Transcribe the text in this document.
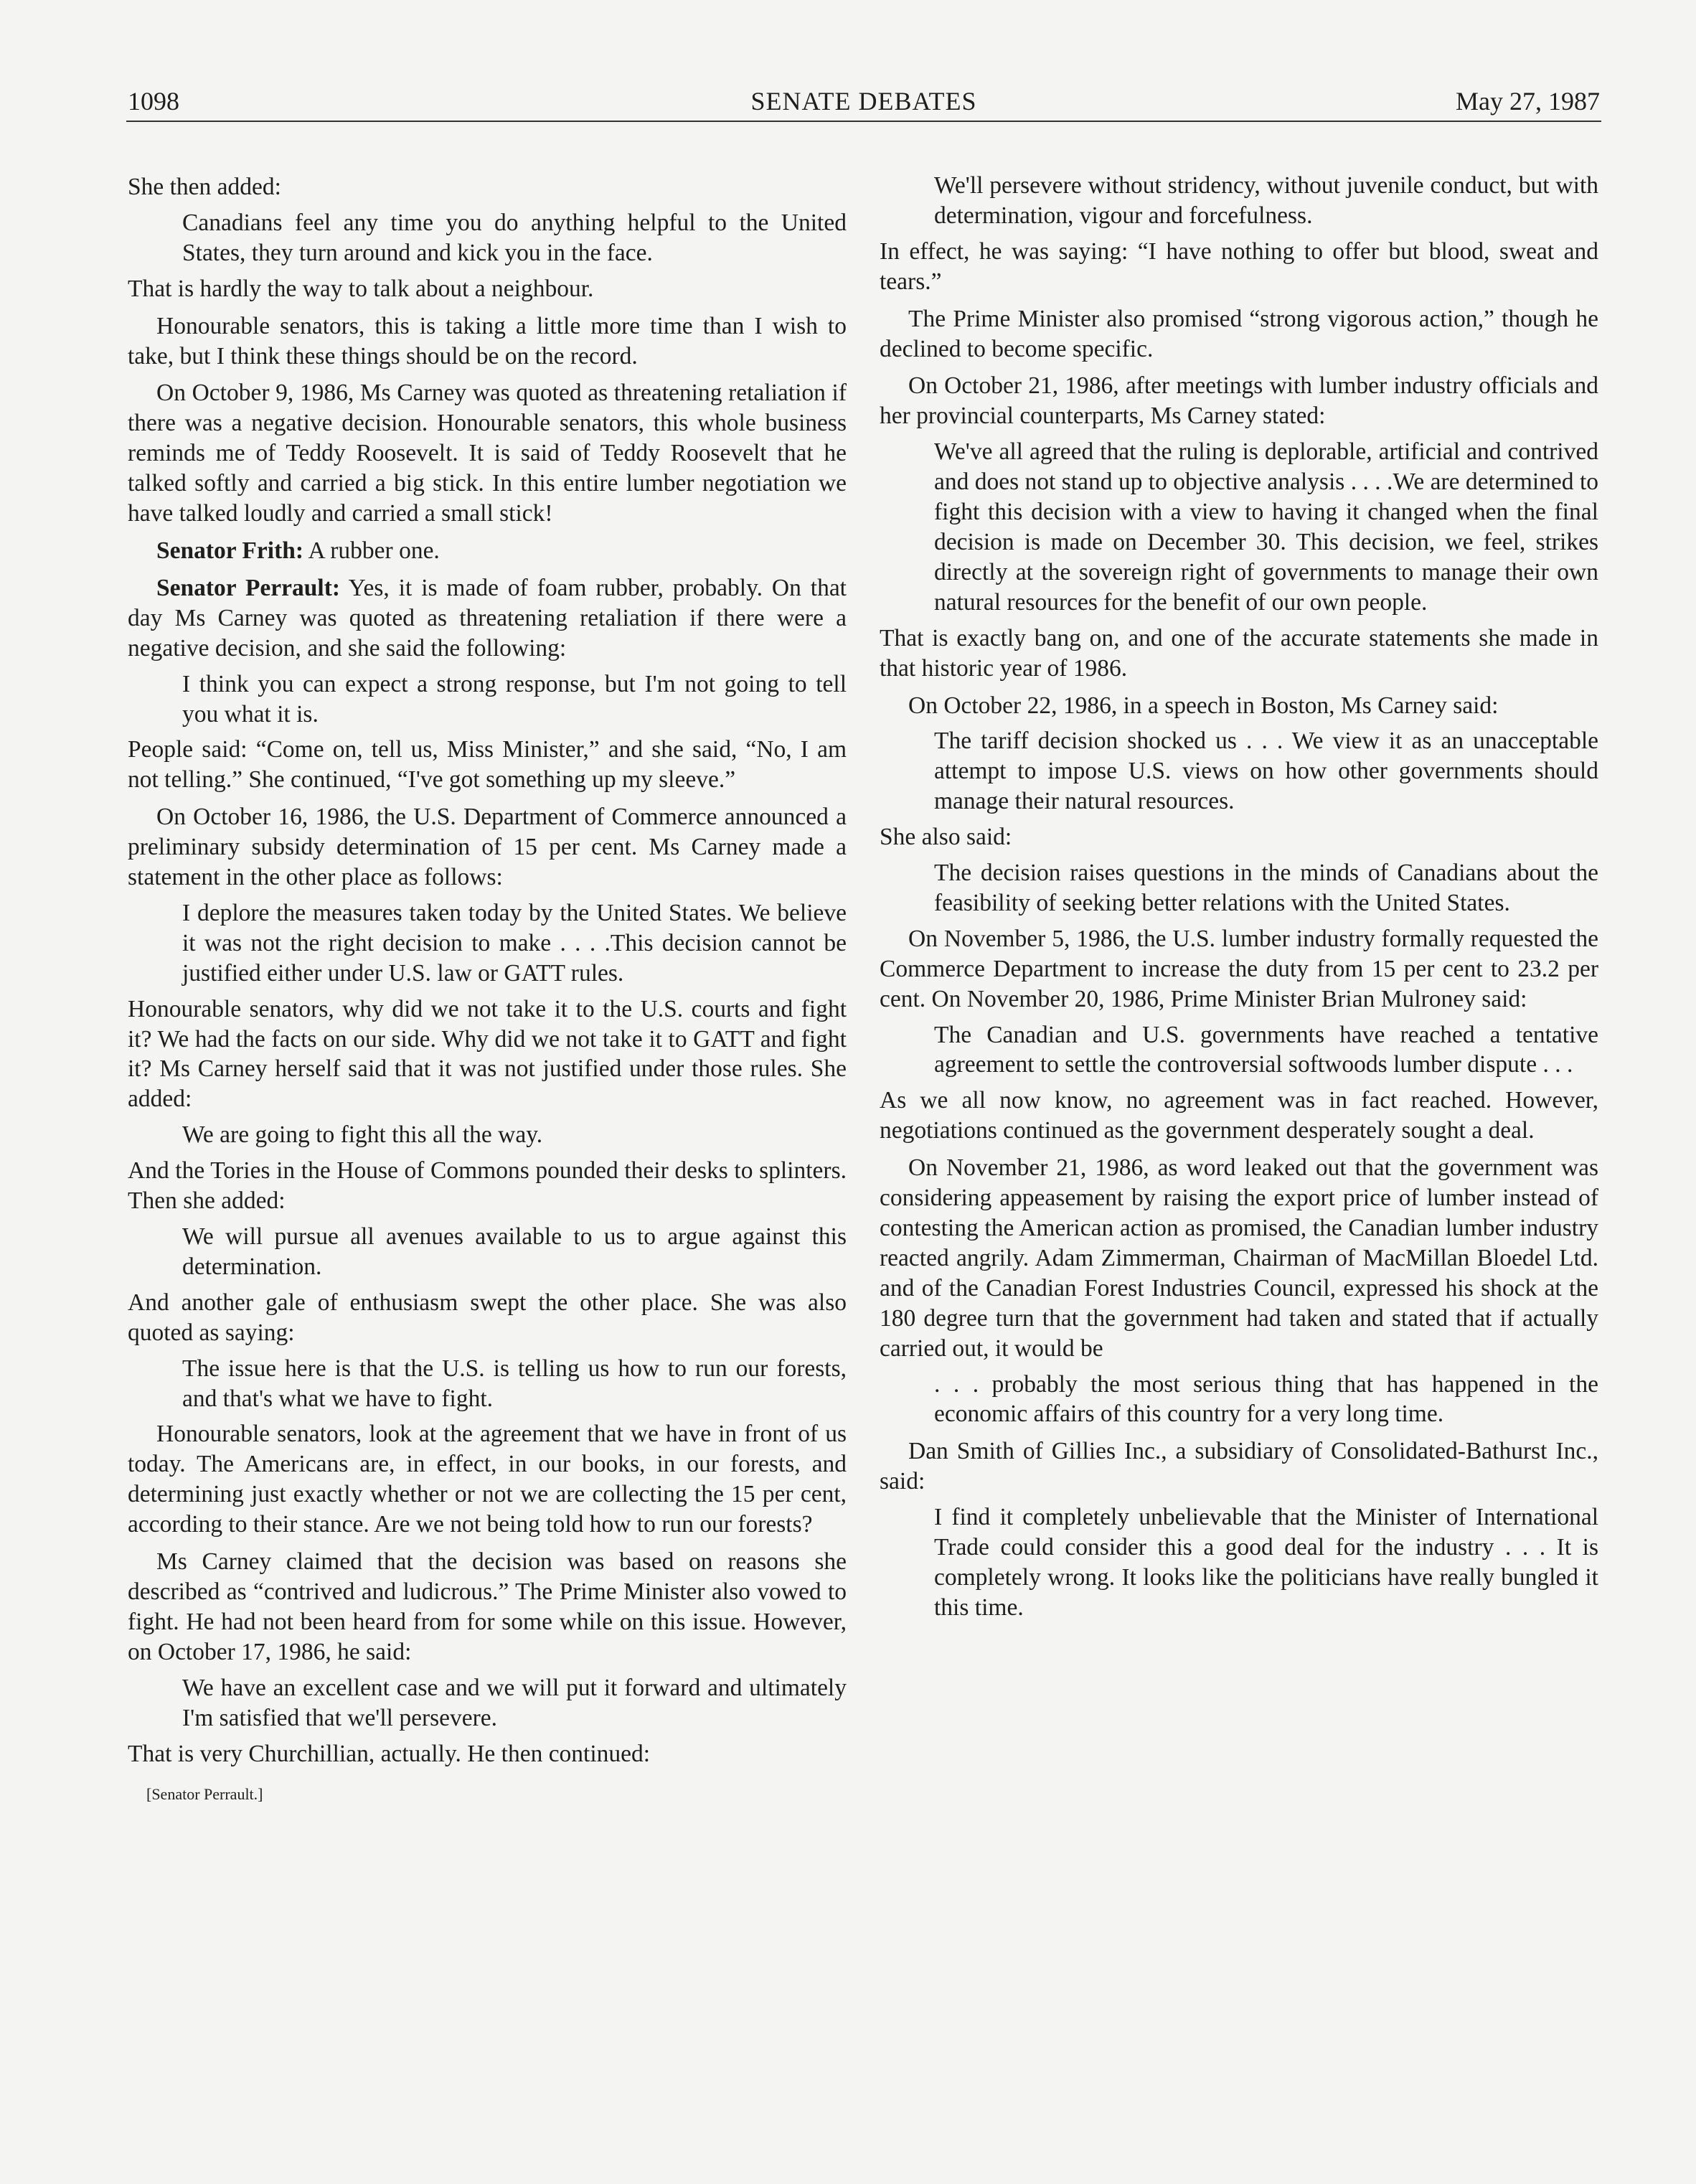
1098	SENATE DEBATES	May 27, 1987

She then added:

Canadians feel any time you do anything helpful to the United States, they turn around and kick you in the face.

That is hardly the way to talk about a neighbour.

Honourable senators, this is taking a little more time than I wish to take, but I think these things should be on the record.

On October 9, 1986, Ms Carney was quoted as threatening retaliation if there was a negative decision. Honourable senators, this whole business reminds me of Teddy Roosevelt. It is said of Teddy Roosevelt that he talked softly and carried a big stick. In this entire lumber negotiation we have talked loudly and carried a small stick!

Senator Frith: A rubber one.

Senator Perrault: Yes, it is made of foam rubber, probably. On that day Ms Carney was quoted as threatening retaliation if there were a negative decision, and she said the following:

I think you can expect a strong response, but I'm not going to tell you what it is.

People said: “Come on, tell us, Miss Minister,” and she said, “No, I am not telling.” She continued, “I've got something up my sleeve.”

On October 16, 1986, the U.S. Department of Commerce announced a preliminary subsidy determination of 15 per cent. Ms Carney made a statement in the other place as follows:

I deplore the measures taken today by the United States. We believe it was not the right decision to make . . . .This decision cannot be justified either under U.S. law or GATT rules.

Honourable senators, why did we not take it to the U.S. courts and fight it? We had the facts on our side. Why did we not take it to GATT and fight it? Ms Carney herself said that it was not justified under those rules. She added:

We are going to fight this all the way.

And the Tories in the House of Commons pounded their desks to splinters. Then she added:

We will pursue all avenues available to us to argue against this determination.

And another gale of enthusiasm swept the other place. She was also quoted as saying:

The issue here is that the U.S. is telling us how to run our forests, and that's what we have to fight.

Honourable senators, look at the agreement that we have in front of us today. The Americans are, in effect, in our books, in our forests, and determining just exactly whether or not we are collecting the 15 per cent, according to their stance. Are we not being told how to run our forests?

Ms Carney claimed that the decision was based on reasons she described as “contrived and ludicrous.” The Prime Minister also vowed to fight. He had not been heard from for some while on this issue. However, on October 17, 1986, he said:

We have an excellent case and we will put it forward and ultimately I'm satisfied that we'll persevere.

That is very Churchillian, actually. He then continued:

[Senator Perrault.]
We'll persevere without stridency, without juvenile conduct, but with determination, vigour and forcefulness.

In effect, he was saying: “I have nothing to offer but blood, sweat and tears.”

The Prime Minister also promised “strong vigorous action,” though he declined to become specific.

On October 21, 1986, after meetings with lumber industry officials and her provincial counterparts, Ms Carney stated:

We've all agreed that the ruling is deplorable, artificial and contrived and does not stand up to objective analysis . . . .We are determined to fight this decision with a view to having it changed when the final decision is made on December 30. This decision, we feel, strikes directly at the sovereign right of governments to manage their own natural resources for the benefit of our own people.

That is exactly bang on, and one of the accurate statements she made in that historic year of 1986.

On October 22, 1986, in a speech in Boston, Ms Carney said:

The tariff decision shocked us . . . We view it as an unacceptable attempt to impose U.S. views on how other governments should manage their natural resources.

She also said:

The decision raises questions in the minds of Canadians about the feasibility of seeking better relations with the United States.

On November 5, 1986, the U.S. lumber industry formally requested the Commerce Department to increase the duty from 15 per cent to 23.2 per cent. On November 20, 1986, Prime Minister Brian Mulroney said:

The Canadian and U.S. governments have reached a tentative agreement to settle the controversial softwoods lumber dispute . . .

As we all now know, no agreement was in fact reached. However, negotiations continued as the government desperately sought a deal.

On November 21, 1986, as word leaked out that the government was considering appeasement by raising the export price of lumber instead of contesting the American action as promised, the Canadian lumber industry reacted angrily. Adam Zimmerman, Chairman of MacMillan Bloedel Ltd. and of the Canadian Forest Industries Council, expressed his shock at the 180 degree turn that the government had taken and stated that if actually carried out, it would be

. . . probably the most serious thing that has happened in the economic affairs of this country for a very long time.

Dan Smith of Gillies Inc., a subsidiary of Consolidated-Bathurst Inc., said:

I find it completely unbelievable that the Minister of International Trade could consider this a good deal for the industry . . . It is completely wrong. It looks like the politicians have really bungled it this time.
